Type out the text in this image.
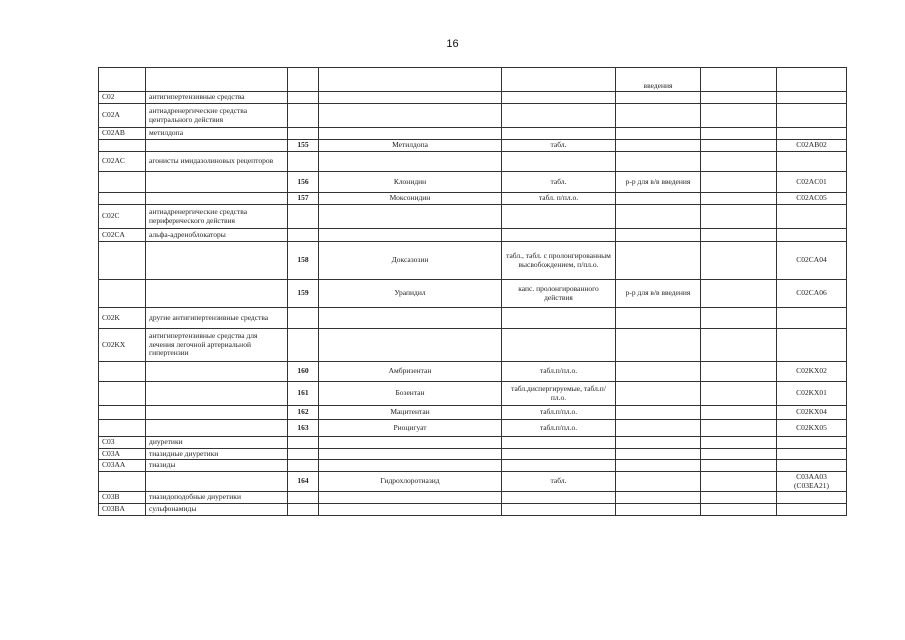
16
					введения		
C02	антигипертензивные средства						
C02A	антиадренергические средства центрального действия						
C02AB	метилдопа						
		155	Метилдопа	табл.			C02AB02
C02AC	агонисты имидазолиновых рецепторов						
		156	Клонидин	табл.	р-р для в/в введения		C02AC01
		157	Моксонидин	табл. п/пл.о.			C02AC05
C02C	антиадренергические средства периферического действия						
C02CA	альфа-адреноблокаторы						
		158	Доксазозин	табл., табл. с пролонгированным высвобождением, п/пл.о.			C02CA04
		159	Урапидил	капс. пролонгированного действия	р-р для в/в введения		C02CA06
C02K	другие антигипертензивные средства						
C02KX	антигипертензивные средства для лечения легочной артериальной гипертензии						
		160	Амбризентан	табл.п/пл.о.			C02KX02
		161	Бозентан	табл.диспергируемые, табл.п/пл.о.			C02KX01
		162	Мацитентан	табл.п/пл.о.			C02KX04
		163	Риоцигуат	табл.п/пл.о.			C02KX05
C03	диуретики						
C03A	тиазидные диуретики						
C03AA	тиазиды						
		164	Гидрохлоротиазид	табл.			C03AA03 (C03EA21)
C03B	тиазидоподобные диуретики						
C03BA	сульфонамиды						
